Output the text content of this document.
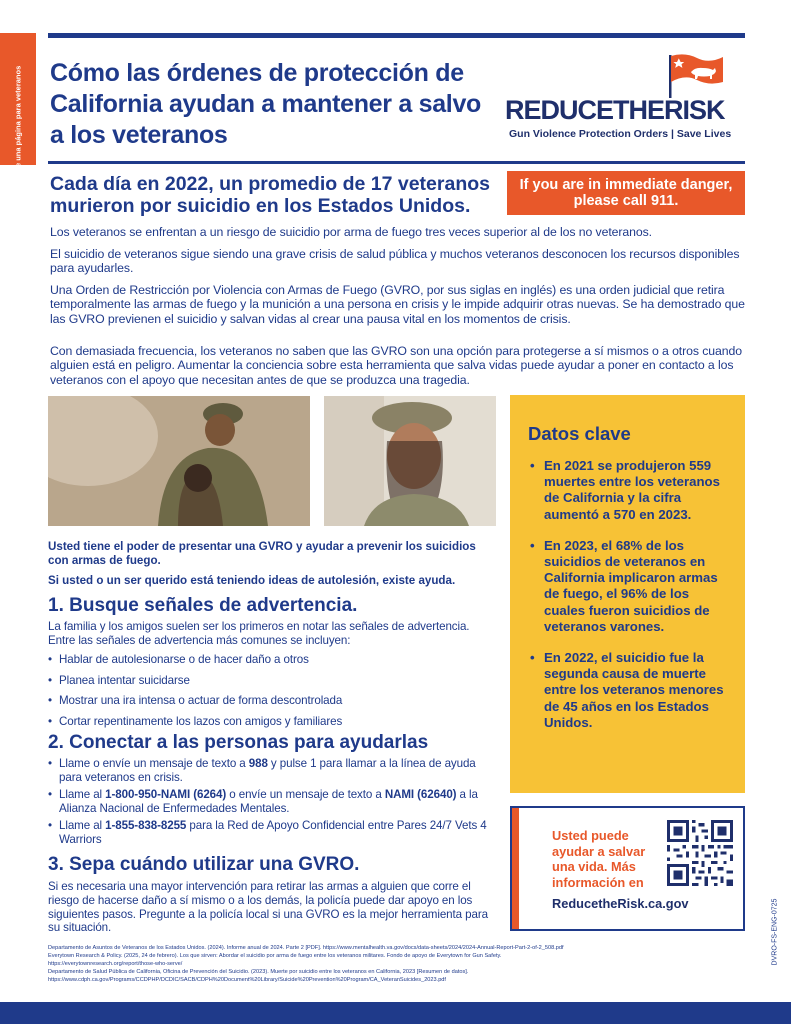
Folleto de una página para veteranos Cómo las órdenes de protección de California ayudan a mantener a salvo a los veteranos
REDUCETHERISK
Gun Violence Protection Orders | Save Lives
Cada día en 2022, un promedio de 17 veteranos murieron por suicidio en los Estados Unidos.
If you are in immediate danger, please call 911.

Los veteranos se enfrentan a un riesgo de suicidio por arma de fuego tres veces superior al de los no veteranos.

El suicidio de veteranos sigue siendo una grave crisis de salud pública y muchos veteranos desconocen los recursos disponibles para ayudarles.

Una Orden de Restricción por Violencia con Armas de Fuego (GVRO, por sus siglas en inglés) es una orden judicial que retira temporalmente las armas de fuego y la munición a una persona en crisis y le impide adquirir otras nuevas. Se ha demostrado que las GVRO previenen el suicidio y salvan vidas al crear una pausa vital en los momentos de crisis.

Con demasiada frecuencia, los veteranos no saben que las GVRO son una opción para protegerse a sí mismos o a otros cuando alguien está en peligro. Aumentar la conciencia sobre esta herramienta que salva vidas puede ayudar a poner en contacto a los veteranos con el apoyo que necesitan antes de que se produzca una tragedia.

Datos clave
• En 2021 se produjeron 559 muertes entre los veteranos de California y la cifra aumentó a 570 en 2023.
• En 2023, el 68% de los suicidios de veteranos en California implicaron armas de fuego, el 96% de los cuales fueron suicidios de veteranos varones.
• En 2022, el suicidio fue la segunda causa de muerte entre los veteranos menores de 45 años en los Estados Unidos.

Usted tiene el poder de presentar una GVRO y ayudar a prevenir los suicidios con armas de fuego.

Si usted o un ser querido está teniendo ideas de autolesión, existe ayuda.

1. Busque señales de advertencia.

La familia y los amigos suelen ser los primeros en notar las señales de advertencia. Entre las señales de advertencia más comunes se incluyen:

• Hablar de autolesionarse o de hacer daño a otros
• Planea intentar suicidarse
• Mostrar una ira intensa o actuar de forma descontrolada
• Cortar repentinamente los lazos con amigos y familiares
2. Conectar a las personas para ayudarlas
• Llame o envíe un mensaje de texto a 988 y pulse 1 para llamar a la línea de ayuda para veteranos en crisis.
• Llame al 1-800-950-NAMI (6264) o envíe un mensaje de texto a NAMI (62640) a la Alianza Nacional de Enfermedades Mentales.
• Llame al 1-855-838-8255 para la Red de Apoyo Confidencial entre Pares 24/7 Vets 4 Warriors
3. Sepa cuándo utilizar una GVRO.

Si es necesaria una mayor intervención para retirar las armas a alguien que corre el riesgo de hacerse daño a sí mismo o a los demás, la policía puede dar apoyo en los siguientes pasos. Pregunte a la policía local si una GVRO es la mejor herramienta para su situación.

Usted puede ayudar a salvar una vida. Más información en
ReducetheRisk.ca.gov
Departamento de Asuntos de Veteranos de los Estados Unidos. (2024). Informe anual de 2024. Parte 2 [PDF]. https://www.mentalhealth.va.gov/docs/data-sheets/2024/2024-Annual-Report-Part-2-of-2_508.pdf
Everytown Research & Policy. (2025, 24 de febrero). Los que sirven: Abordar el suicidio por arma de fuego entre los veteranos militares. Fondo de apoyo de Everytown for Gun Safety.
https://everytownresearch.org/report/those-who-serve/
Departamento de Salud Pública de California, Oficina de Prevención del Suicidio. (2023). Muerte por suicidio entre los veteranos en California, 2023 [Resumen de datos].
https://www.cdph.ca.gov/Programs/CCDPHP/DCDIC/SACB/CDPH%20Document%20Library/Suicide%20Prevention%20Program/CA_VeteranSuicides_2023.pdf
DVRO-FS-ENG-0725
